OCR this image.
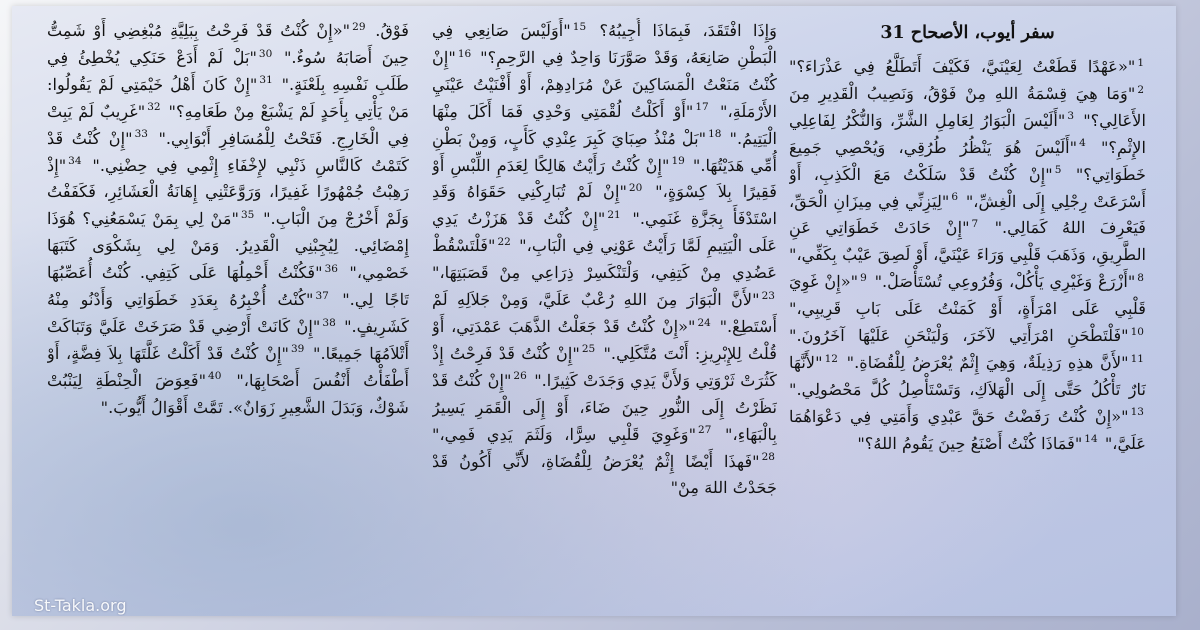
سفر أيوب، الأصحاح 31
$^1$"«عَهْدًا قَطَعْتُ لِعَيْنَيَّ، فَكَيْفَ أَتَطَلَّعُ فِي عَذْرَاءَ؟" $^2$"وَمَا هِيَ قِسْمَةُ اللهِ مِنْ فَوْقُ، وَنَصِيبُ الْقَدِيرِ مِنَ الأَعَالِي؟" $^3$"أَلَيْسَ الْبَوَارُ لِعَامِلِ الشَّرِّ، وَالنُّكْرُ لِفَاعِلِي الإِثْمِ؟" $^4$"أَلَيْسَ هُوَ يَنْظُرُ طُرُقِي، وَيُحْصِي جَمِيعَ خَطَوَاتِي؟" $^5$"إِنْ كُنْتُ قَدْ سَلَكْتُ مَعَ الْكَذِبِ، أَوْ أَسْرَعَتْ رِجْلِي إِلَى الْغِشِّ،" $^6$"لِيَزِنِّي فِي مِيزَانِ الْحَقِّ، فَيَعْرِفَ اللهُ كَمَالِي." $^7$"إِنْ حَادَتْ خَطَوَاتِي عَنِ الطَّرِيقِ، وَذَهَبَ قَلْبِي وَرَاءَ عَيْنَيَّ، أَوْ لَصِقَ عَيْبٌ بِكَفِّي،" $^8$"أَزْرَعْ وَغَيْرِي يَأْكُلْ، وَفُرُوعِي تُسْتَأْصَلْ." $^9$"«إِنْ غَوِيَ قَلْبِي عَلَى امْرَأَةٍ، أَوْ كَمَنْتُ عَلَى بَابِ قَرِيبِي،" $^{10}$"فَلْتَطْحَنِ امْرَأَتِي لآخَرَ، وَلْيَنْحَنِ عَلَيْهَا آخَرُونَ." $^{11}$"لأَنَّ هذِهِ رَذِيلَةٌ، وَهِيَ إِثْمٌ يُعْرَضُ لِلْقُضَاةِ." $^{12}$"لأَنَّهَا نَارٌ تَأْكُلُ حَتَّى إِلَى الْهَلاَكِ، وَتَسْتَأْصِلُ كُلَّ مَحْصُولِي." $^{13}$"«إِنْ كُنْتُ رَفَضْتُ حَقَّ عَبْدِي وَأَمَتِي فِي دَعْوَاهُمَا عَلَيَّ،" $^{14}$"فَمَاذَا كُنْتُ أَصْنَعُ حِينَ يَقُومُ اللهُ؟"
وَإِذَا افْتَقَدَ، فَبِمَاذَا أُجِيبُهُ؟ $^{15}$"أَوَلَيْسَ صَانِعِي فِي الْبَطْنِ صَانِعَهُ، وَقَدْ صَوَّرَنَا وَاحِدٌ فِي الرَّحِمِ؟" $^{16}$"إِنْ كُنْتُ مَنَعْتُ الْمَسَاكِينَ عَنْ مُرَادِهِمْ، أَوْ أَفْنَيْتُ عَيْنَيِ الأَرْمَلَةِ،" $^{17}$"أَوْ أَكَلْتُ لُقْمَتِي وَحْدِي فَمَا أَكَلَ مِنْهَا الْيَتِيمُ." $^{18}$"بَلْ مُنْذُ صِبَايَ كَبِرَ عِنْدِي كَأَبٍ، وَمِنْ بَطْنِ أُمِّي هَدَيْتُهَا." $^{19}$"إِنْ كُنْتُ رَأَيْتُ هَالِكًا لِعَدَمِ اللِّبْسِ أَوْ فَقِيرًا بِلاَ كِسْوَةٍ،" $^{20}$"إِنْ لَمْ تُبَارِكْنِي حَقَوَاهُ وَقَدِ اسْتَدْفَأَ بِجَزَّةِ غَنَمِي." $^{21}$"إِنْ كُنْتُ قَدْ هَزَزْتُ يَدِي عَلَى الْيَتِيمِ لَمَّا رَأَيْتُ عَوْنِي فِي الْبَابِ،" $^{22}$"فَلْتَسْقُطْ عَضُدِي مِنْ كَتِفِي، وَلْتَنْكَسِرْ ذِرَاعِي مِنْ قَصَبَتِهَا،" $^{23}$"لأَنَّ الْبَوَارَ مِنَ اللهِ رُعْبٌ عَلَيَّ، وَمِنْ جَلاَلِهِ لَمْ أَسْتَطِعْ." $^{24}$"«إِنْ كُنْتُ قَدْ جَعَلْتُ الذَّهَبَ عَمْدَتِي، أَوْ قُلْتُ لِلإِبْرِيزِ: أَنْتَ مُتَّكَلِي." $^{25}$"إِنْ كُنْتُ قَدْ فَرِحْتُ إِذْ كَثُرَتْ ثَرْوَتِي وَلأَنَّ يَدِي وَجَدَتْ كَثِيرًا." $^{26}$"إِنْ كُنْتُ قَدْ نَظَرْتُ إِلَى النُّورِ حِينَ ضَاءَ، أَوْ إِلَى الْقَمَرِ يَسِيرُ بِالْبَهَاءِ،" $^{27}$"وَغَوِيَ قَلْبِي سِرًّا، وَلَثَمَ يَدِي فَمِي،" $^{28}$"فَهذَا أَيْضًا إِثْمٌ يُعْرَضُ لِلْقُضَاةِ، لأَنِّي أَكُونُ قَدْ جَحَدْتُ اللهَ مِنْ"
فَوْقُ. $^{29}$"«إِنْ كُنْتُ قَدْ فَرِحْتُ بِبَلِيَّةِ مُبْغِضِي أَوْ شَمِتُّ حِينَ أَصَابَهُ سُوءٌ." $^{30}$"بَلْ لَمْ أَدَعْ حَنَكِي يُخْطِئُ فِي طَلَبِ نَفْسِهِ بِلَعْنَةٍ." $^{31}$"إِنْ كَانَ أَهْلُ خَيْمَتِي لَمْ يَقُولُوا: مَنْ يَأْتِي بِأَحَدٍ لَمْ يَشْبَعْ مِنْ طَعَامِهِ؟" $^{32}$"غَرِيبٌ لَمْ يَبِتْ فِي الْخَارِجِ. فَتَحْتُ لِلْمُسَافِرِ أَبْوَابِي." $^{33}$"إِنْ كُنْتُ قَدْ كَتَمْتُ كَالنَّاسِ ذَنْبِي لإِخْفَاءِ إِثْمِي فِي حِضْنِي." $^{34}$"إِذْ رَهِبْتُ جُمْهُورًا غَفِيرًا، وَرَوَّعَتْنِي إِهَانَةُ الْعَشَائِرِ، فَكَفَفْتُ وَلَمْ أَخْرُجْ مِنَ الْبَابِ." $^{35}$"مَنْ لِي بِمَنْ يَسْمَعُنِي؟ هُوَذَا إِمْضَائِي. لِيُجِبْنِي الْقَدِيرُ. وَمَنْ لِي بِشَكْوَى كَتَبَهَا خَصْمِي،" $^{36}$"فَكُنْتُ أَحْمِلُهَا عَلَى كَتِفِي. كُنْتُ أُعَصِّبُهَا تَاجًا لِي." $^{37}$"كُنْتُ أُخْبِرُهُ بِعَدَدِ خَطَوَاتِي وَأَدْنُو مِنْهُ كَشَرِيفٍ." $^{38}$"إِنْ كَانَتْ أَرْضِي قَدْ صَرَخَتْ عَلَيَّ وَتَبَاكَتْ أَتْلاَمُهَا جَمِيعًا." $^{39}$"إِنْ كُنْتُ قَدْ أَكَلْتُ غَلَّتَهَا بِلاَ فِضَّةٍ، أَوْ أَطْفَأْتُ أَنْفُسَ أَصْحَابِهَا،" $^{40}$"فَعِوَضَ الْحِنْطَةِ لِيَنْبُتْ شَوْكٌ، وَبَدَلَ الشَّعِيرِ زَوَانٌ». تَمَّتْ أَقْوَالُ أَيُّوبَ."
St-Takla.org
